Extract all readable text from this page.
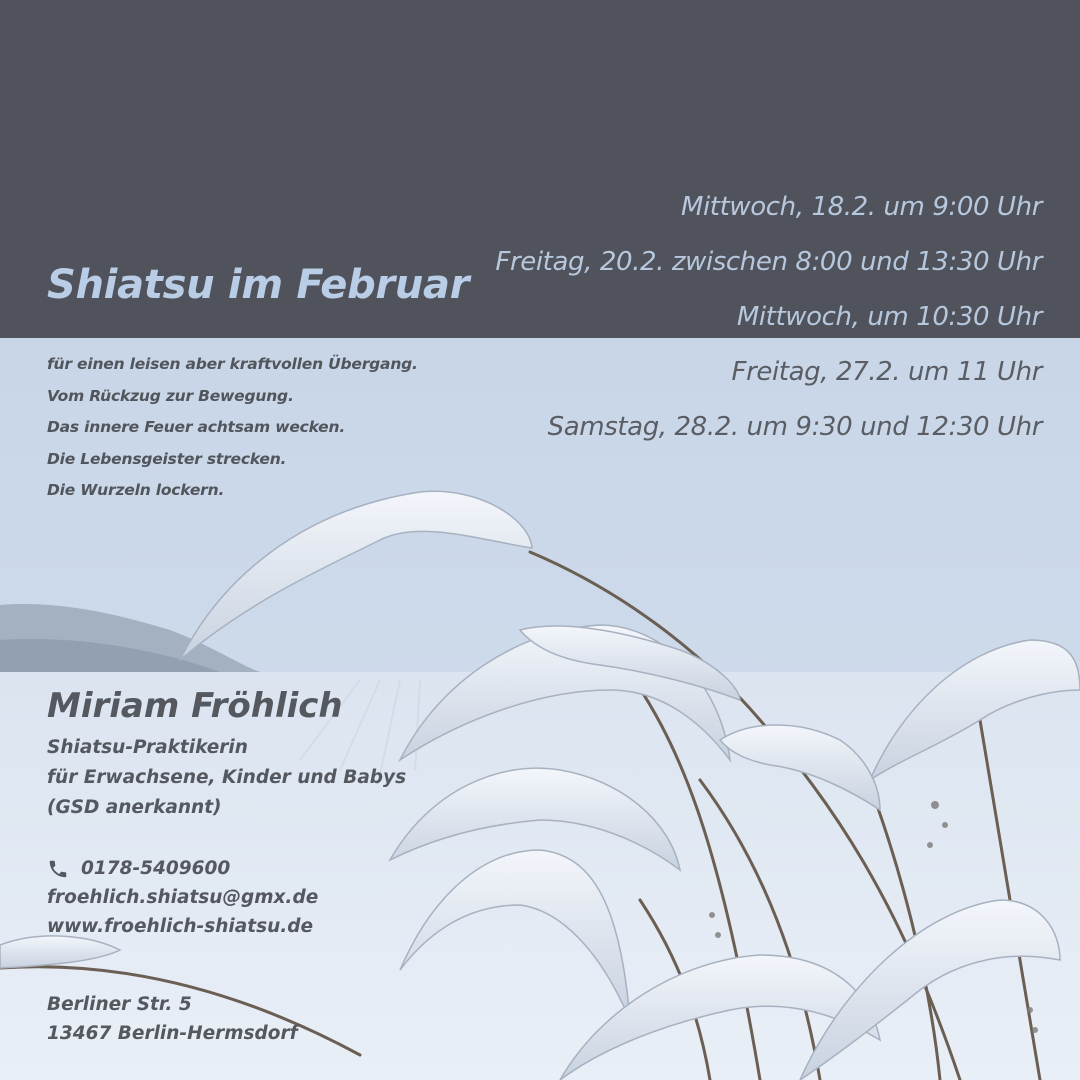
Shiatsu im Februar
Mittwoch, 18.2. um 9:00 Uhr
Freitag, 20.2. zwischen 8:00 und 13:30 Uhr
Mittwoch, um 10:30 Uhr
Freitag, 27.2. um 11 Uhr
Samstag, 28.2. um 9:30 und 12:30 Uhr
für einen leisen aber kraftvollen Übergang.
Vom Rückzug zur Bewegung.
Das innere Feuer achtsam wecken.
Die Lebensgeister strecken.
Die Wurzeln lockern.
Miriam Fröhlich
Shiatsu-Praktikerin
für Erwachsene, Kinder und Babys
(GSD anerkannt)
0178-5409600
froehlich.shiatsu@gmx.de
www.froehlich-shiatsu.de
Berliner Str. 5
13467 Berlin-Hermsdorf
